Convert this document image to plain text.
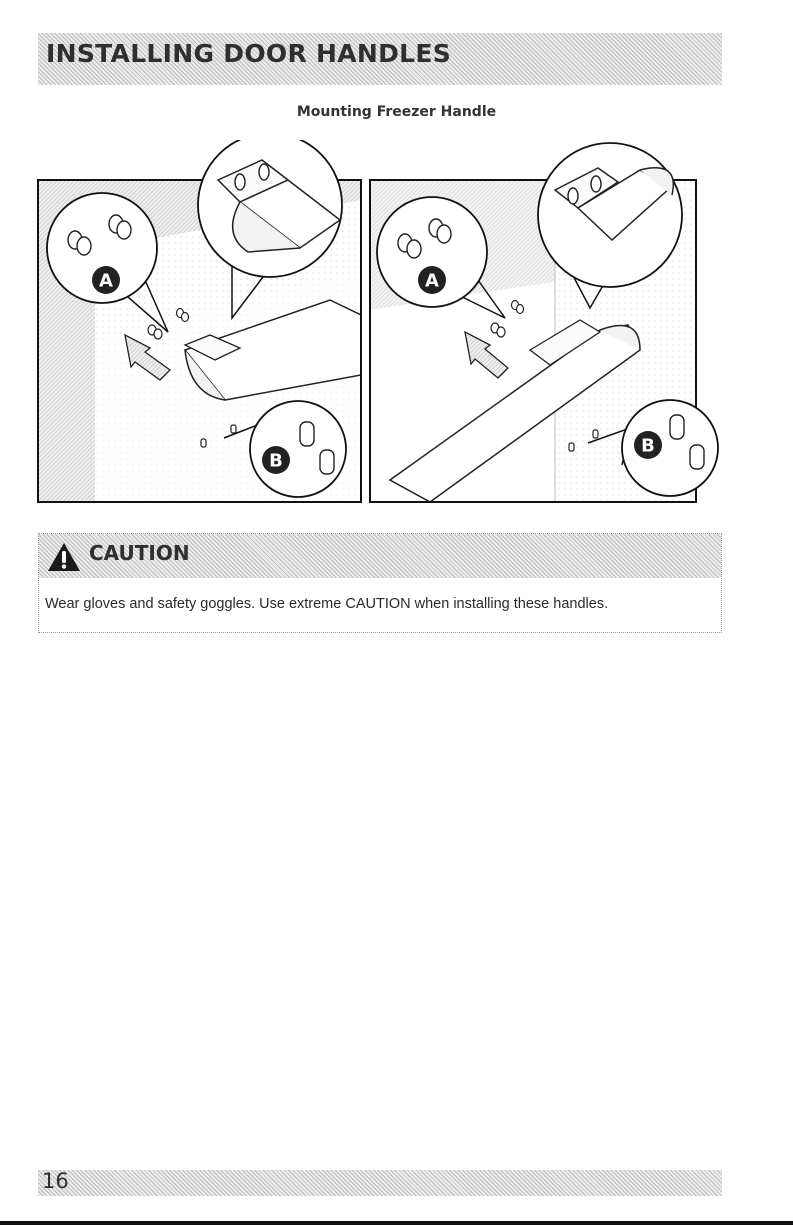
INSTALLING DOOR HANDLES
Mounting Freezer Handle
A
B
A
B
CAUTION

Wear gloves and safety goggles. Use extreme CAUTION when installing these handles.

16
